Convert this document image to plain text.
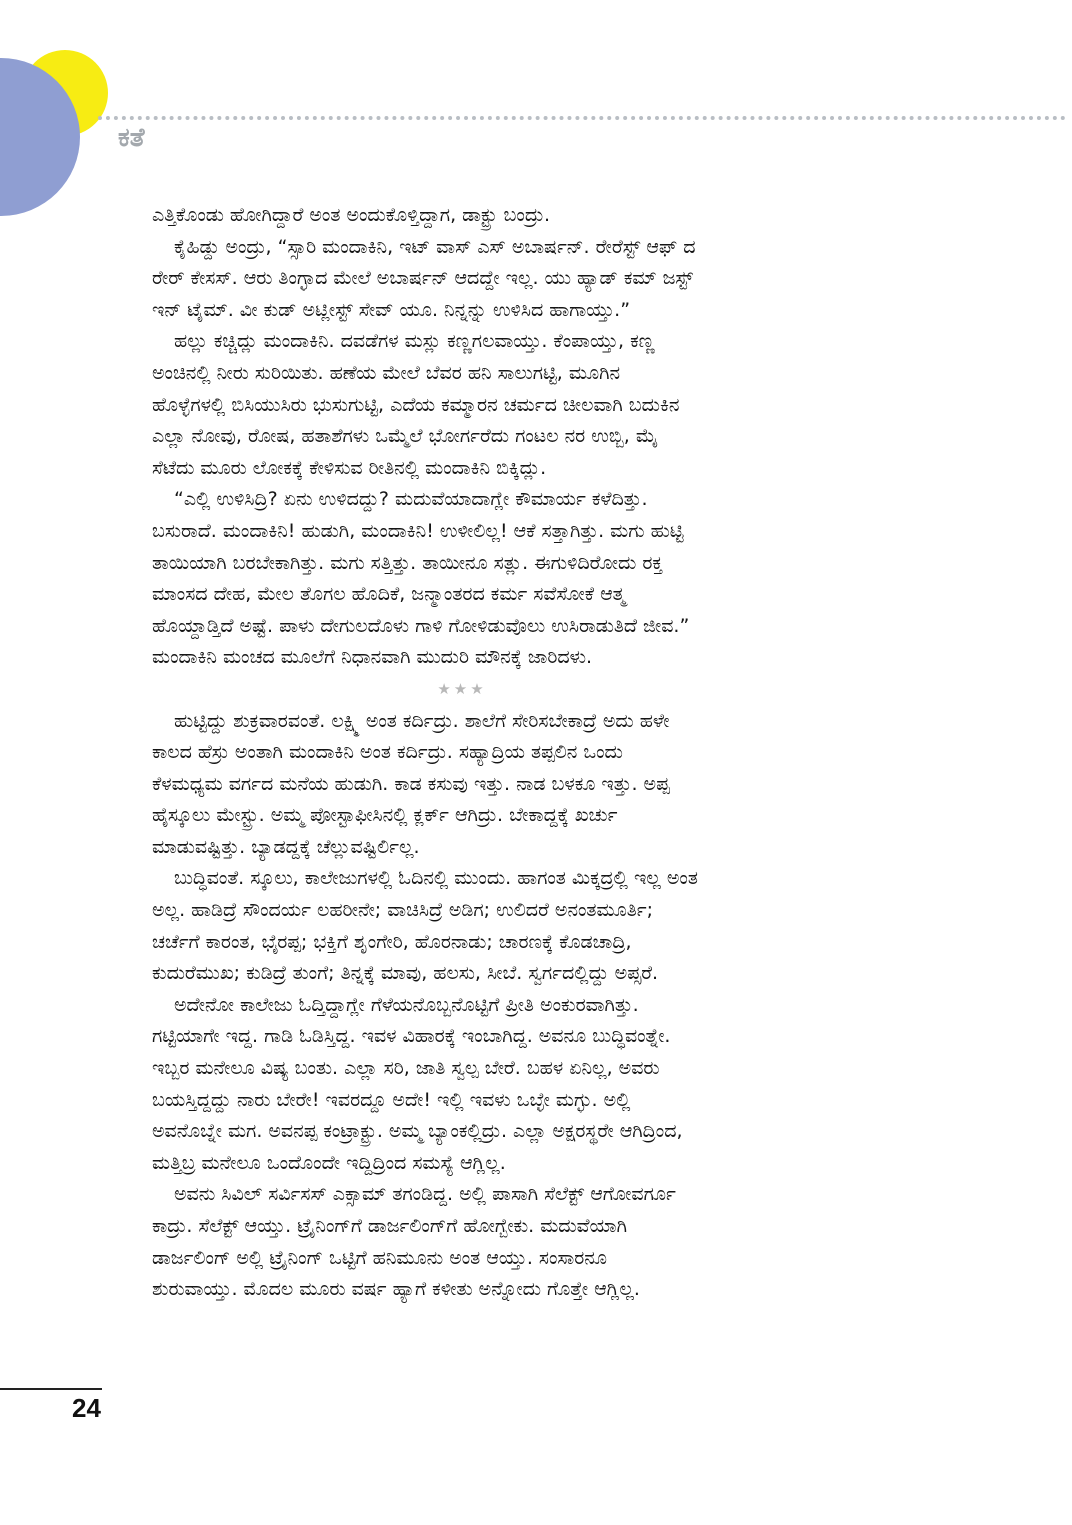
ಕತೆ
ಎತ್ತಿಕೊಂಡು ಹೋಗಿದ್ದಾರೆ ಅಂತ ಅಂದುಕೊಳ್ತಿದ್ದಾಗ, ಡಾಕ್ಟ್ರು ಬಂದ್ರು.
ಕೈಹಿಡ್ದು ಅಂದ್ರು, “ಸ್ಸಾರಿ ಮಂದಾಕಿನಿ, ಇಟ್ ವಾಸ್ ಎಸ್ ಅಬಾರ್ಷನ್. ರೇರೆಸ್ಟ್ ಆಫ್ ದ
ರೇರ್ ಕೇಸಸ್. ಆರು ತಿಂಗ್ಳಾದ ಮೇಲೆ ಅಬಾರ್ಷನ್ ಆದದ್ದೇ ಇಲ್ಲ. ಯು ಹ್ಯಾಡ್ ಕಮ್ ಜಸ್ಟ್
ಇನ್ ಟೈಮ್. ವೀ ಕುಡ್ ಅಟ್ಲೀಸ್ಟ್ ಸೇವ್ ಯೂ. ನಿನ್ನನ್ನು ಉಳಿಸಿದ ಹಾಗಾಯ್ತು.”
ಹಲ್ಲು ಕಚ್ಚಿದ್ಲು ಮಂದಾಕಿನಿ. ದವಡೆಗಳ ಮಸ್ಲು ಕಣ್ಣಗಲವಾಯ್ತು. ಕೆಂಪಾಯ್ತು, ಕಣ್ಣ
ಅಂಚಿನಲ್ಲಿ ನೀರು ಸುರಿಯಿತು. ಹಣೆಯ ಮೇಲೆ ಬೆವರ ಹನಿ ಸಾಲುಗಟ್ಟಿ, ಮೂಗಿನ
ಹೊಳ್ಳೆಗಳಲ್ಲಿ ಬಿಸಿಯುಸಿರು ಭುಸುಗುಟ್ಟಿ, ಎದೆಯ ಕಮ್ಮಾರನ ಚರ್ಮದ ಚೀಲವಾಗಿ ಬದುಕಿನ
ಎಲ್ಲಾ ನೋವು, ರೋಷ, ಹತಾಶೆಗಳು ಒಮ್ಮೆಲೆ ಭೋರ್ಗರೆದು ಗಂಟಲ ನರ ಉಬ್ಬಿ, ಮೈ
ಸೆಟೆದು ಮೂರು ಲೋಕಕ್ಕೆ ಕೇಳಿಸುವ ರೀತಿನಲ್ಲಿ ಮಂದಾಕಿನಿ ಬಿಕ್ಕಿದ್ಲು.
“ಎಲ್ಲಿ ಉಳಿಸಿದ್ರಿ? ಏನು ಉಳಿದದ್ದು? ಮದುವೆಯಾದಾಗ್ಲೇ ಕೌಮಾರ್ಯ ಕಳೆದಿತ್ತು.
ಬಸುರಾದೆ. ಮಂದಾಕಿನಿ! ಹುಡುಗಿ, ಮಂದಾಕಿನಿ! ಉಳೀಲಿಲ್ಲ! ಆಕೆ ಸತ್ತಾಗಿತ್ತು. ಮಗು ಹುಟ್ಟಿ
ತಾಯಿಯಾಗಿ ಬರಬೇಕಾಗಿತ್ತು. ಮಗು ಸತ್ತಿತ್ತು. ತಾಯೀನೂ ಸತ್ಲು. ಈಗುಳಿದಿರೋದು ರಕ್ತ
ಮಾಂಸದ ದೇಹ, ಮೇಲ ತೊಗಲ ಹೊದಿಕೆ, ಜನ್ಮಾಂತರದ ಕರ್ಮ ಸವೆಸೋಕೆ ಆತ್ಮ
ಹೊಯ್ದಾಡ್ತಿದೆ ಅಷ್ಟೆ. ಪಾಳು ದೇಗುಲದೊಳು ಗಾಳಿ ಗೋಳಿಡುವೊಲು ಉಸಿರಾಡುತಿದೆ ಜೀವ.”
ಮಂದಾಕಿನಿ ಮಂಚದ ಮೂಲೆಗೆ ನಿಧಾನವಾಗಿ ಮುದುರಿ ಮೌನಕ್ಕೆ ಜಾರಿದಳು.
★★★
ಹುಟ್ಟಿದ್ದು ಶುಕ್ರವಾರವಂತೆ. ಲಕ್ಷ್ಮಿ ಅಂತ ಕರ್ದಿದ್ರು. ಶಾಲೆಗೆ ಸೇರಿಸಬೇಕಾದ್ರೆ ಅದು ಹಳೇ
ಕಾಲದ ಹೆಸ್ರು ಅಂತಾಗಿ ಮಂದಾಕಿನಿ ಅಂತ ಕರ್ದಿದ್ರು. ಸಹ್ಯಾದ್ರಿಯ ತಪ್ಪಲಿನ ಒಂದು
ಕೆಳಮಧ್ಯಮ ವರ್ಗದ ಮನೆಯ ಹುಡುಗಿ. ಕಾಡ ಕಸುವು ಇತ್ತು. ನಾಡ ಬಳಕೂ ಇತ್ತು. ಅಪ್ಪ
ಹೈಸ್ಕೂಲು ಮೇಸ್ಟ್ರು. ಅಮ್ಮ ಪೋಸ್ಟಾಫೀಸಿನಲ್ಲಿ ಕ್ಲರ್ಕ್ ಆಗಿದ್ರು. ಬೇಕಾದ್ದಕ್ಕೆ ಖರ್ಚು
ಮಾಡುವಷ್ಟಿತ್ತು. ಬ್ಯಾಡದ್ದಕ್ಕೆ ಚೆಲ್ಲುವಷ್ಟಿರ್ಲಿಲ್ಲ.
ಬುದ್ಧಿವಂತೆ. ಸ್ಕೂಲು, ಕಾಲೇಜುಗಳಲ್ಲಿ ಓದಿನಲ್ಲಿ ಮುಂದು. ಹಾಗಂತ ಮಿಕ್ಕದ್ರಲ್ಲಿ ಇಲ್ಲ ಅಂತ
ಅಲ್ಲ. ಹಾಡಿದ್ರೆ ಸೌಂದರ್ಯ ಲಹರೀನೇ; ವಾಚಿಸಿದ್ರೆ ಅಡಿಗ; ಉಲಿದರೆ ಅನಂತಮೂರ್ತಿ;
ಚರ್ಚೆಗೆ ಕಾರಂತ, ಭೈರಪ್ಪ; ಭಕ್ತಿಗೆ ಶೃಂಗೇರಿ, ಹೊರನಾಡು; ಚಾರಣಕ್ಕೆ ಕೊಡಚಾದ್ರಿ,
ಕುದುರೆಮುಖ; ಕುಡಿದ್ರೆ ತುಂಗೆ; ತಿನ್ನಕ್ಕೆ ಮಾವು, ಹಲಸು, ಸೀಬೆ. ಸ್ವರ್ಗದಲ್ಲಿದ್ದು ಅಪ್ಸರೆ.
ಅದೇನೋ ಕಾಲೇಜು ಓದ್ತಿದ್ದಾಗ್ಲೇ ಗೆಳೆಯನೊಬ್ಬನೊಟ್ಟಿಗೆ ಪ್ರೀತಿ ಅಂಕುರವಾಗಿತ್ತು.
ಗಟ್ಟಿಯಾಗೇ ಇದ್ದ. ಗಾಡಿ ಓಡಿಸ್ತಿದ್ದ. ಇವಳ ವಿಹಾರಕ್ಕೆ ಇಂಬಾಗಿದ್ದ. ಅವನೂ ಬುದ್ಧಿವಂತ್ನೇ.
ಇಬ್ಬರ ಮನೇಲೂ ವಿಷ್ಯ ಬಂತು. ಎಲ್ಲಾ ಸರಿ, ಜಾತಿ ಸ್ವಲ್ಪ ಬೇರೆ. ಬಹಳ ಏನಿಲ್ಲ, ಅವರು
ಬಯಸ್ತಿದ್ದದ್ದು ನಾರು ಬೇರೇ! ಇವರದ್ದೂ ಅದೇ! ಇಲ್ಲಿ ಇವಳು ಒಬ್ಳೇ ಮಗ್ಳು. ಅಲ್ಲಿ
ಅವನೊಬ್ನೇ ಮಗ. ಅವನಪ್ಪ ಕಂಟ್ರಾಕ್ಟ್ರು. ಅಮ್ಮ ಬ್ಯಾಂಕಲ್ಲಿದ್ರು. ಎಲ್ಲಾ ಅಕ್ಷರಸ್ಥರೇ ಆಗಿದ್ರಿಂದ,
ಮತ್ತಿಬ್ರ ಮನೇಲೂ ಒಂದೊಂದೇ ಇದ್ದಿದ್ರಿಂದ ಸಮಸ್ಯೆ ಆಗ್ಲಿಲ್ಲ.
ಅವನು ಸಿವಿಲ್ ಸರ್ವಿಸಸ್ ಎಕ್ಸಾಮ್ ತಗಂಡಿದ್ದ. ಅಲ್ಲಿ ಪಾಸಾಗಿ ಸೆಲೆಕ್ಟ್ ಆಗೋವರ್ಗೂ
ಕಾದ್ರು. ಸೆಲೆಕ್ಟ್ ಆಯ್ತು. ಟ್ರೈನಿಂಗ್‌ಗೆ ಡಾರ್ಜಲಿಂಗ್‌ಗೆ ಹೋಗ್ಬೇಕು. ಮದುವೆಯಾಗಿ
ಡಾರ್ಜಲಿಂಗ್ ಅಲ್ಲಿ ಟ್ರೈನಿಂಗ್ ಒಟ್ಟಿಗೆ ಹನಿಮೂನು ಅಂತ ಆಯ್ತು. ಸಂಸಾರನೂ
ಶುರುವಾಯ್ತು. ಮೊದಲ ಮೂರು ವರ್ಷ ಹ್ಯಾಗೆ ಕಳೀತು ಅನ್ನೋದು ಗೊತ್ತೇ ಆಗ್ಲಿಲ್ಲ.
24
